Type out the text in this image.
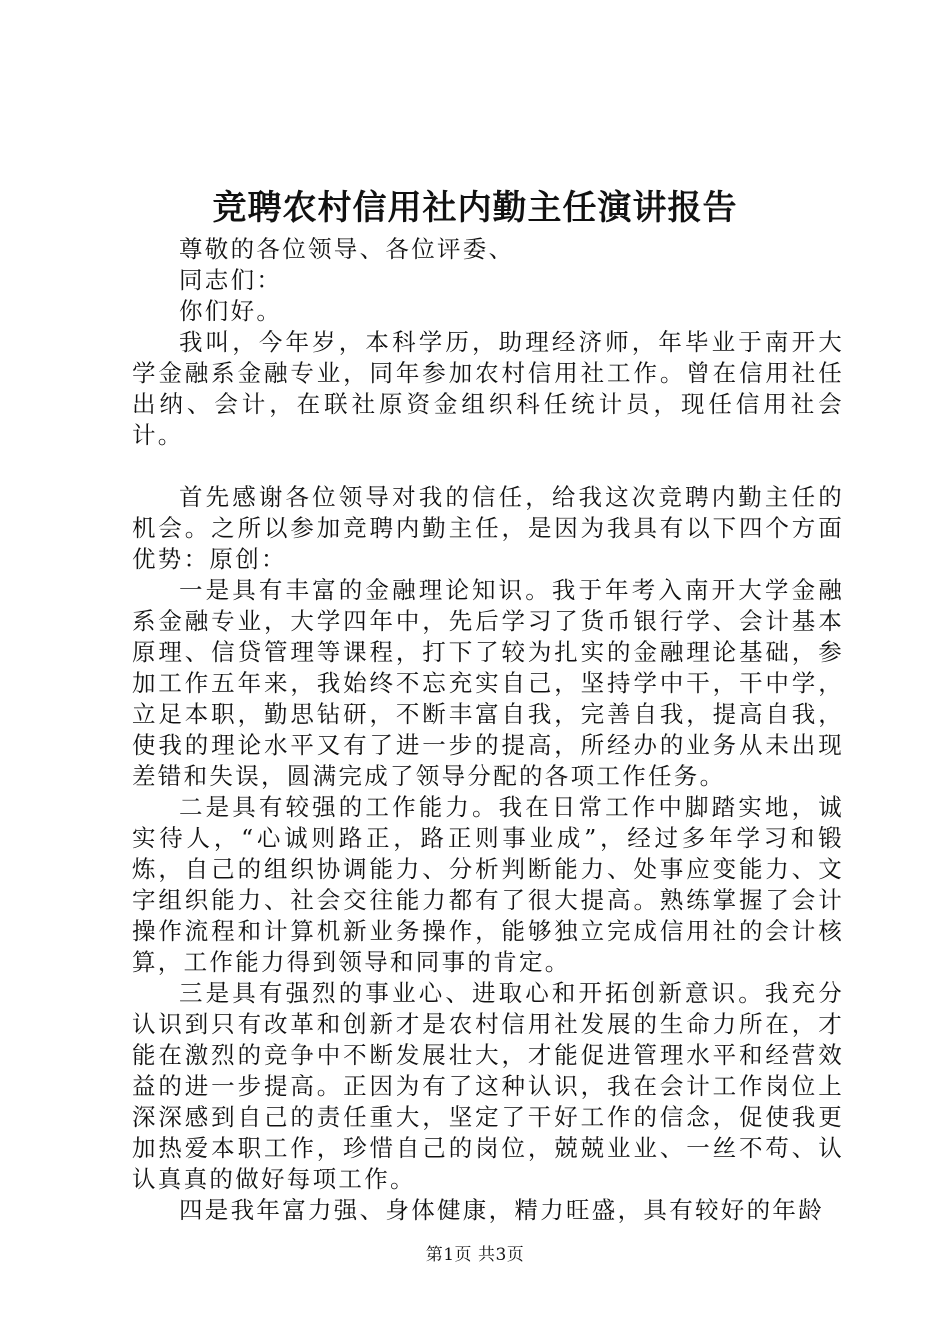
竞聘农村信用社内勤主任演讲报告

尊敬的各位领导、各位评委、

同志们：

你们好。

我叫，今年岁，本科学历，助理经济师，年毕业于南开大学金融系金融专业，同年参加农村信用社工作。曾在信用社任出纳、会计，在联社原资金组织科任统计员，现任信用社会计。

首先感谢各位领导对我的信任，给我这次竞聘内勤主任的机会。之所以参加竞聘内勤主任，是因为我具有以下四个方面优势：原创：

一是具有丰富的金融理论知识。我于年考入南开大学金融系金融专业，大学四年中，先后学习了货币银行学、会计基本原理、信贷管理等课程，打下了较为扎实的金融理论基础，参加工作五年来，我始终不忘充实自己，坚持学中干，干中学，立足本职，勤思钻研，不断丰富自我，完善自我，提高自我，使我的理论水平又有了进一步的提高，所经办的业务从未出现差错和失误，圆满完成了领导分配的各项工作任务。

二是具有较强的工作能力。我在日常工作中脚踏实地，诚实待人，“心诚则路正，路正则事业成”，经过多年学习和锻炼，自己的组织协调能力、分析判断能力、处事应变能力、文字组织能力、社会交往能力都有了很大提高。熟练掌握了会计操作流程和计算机新业务操作，能够独立完成信用社的会计核算，工作能力得到领导和同事的肯定。

三是具有强烈的事业心、进取心和开拓创新意识。我充分认识到只有改革和创新才是农村信用社发展的生命力所在，才能在激烈的竞争中不断发展壮大，才能促进管理水平和经营效益的进一步提高。正因为有了这种认识，我在会计工作岗位上深深感到自己的责任重大，坚定了干好工作的信念，促使我更加热爱本职工作，珍惜自己的岗位，兢兢业业、一丝不苟、认认真真的做好每项工作。

四是我年富力强、身体健康，精力旺盛，具有较好的年龄

第1页 共3页
